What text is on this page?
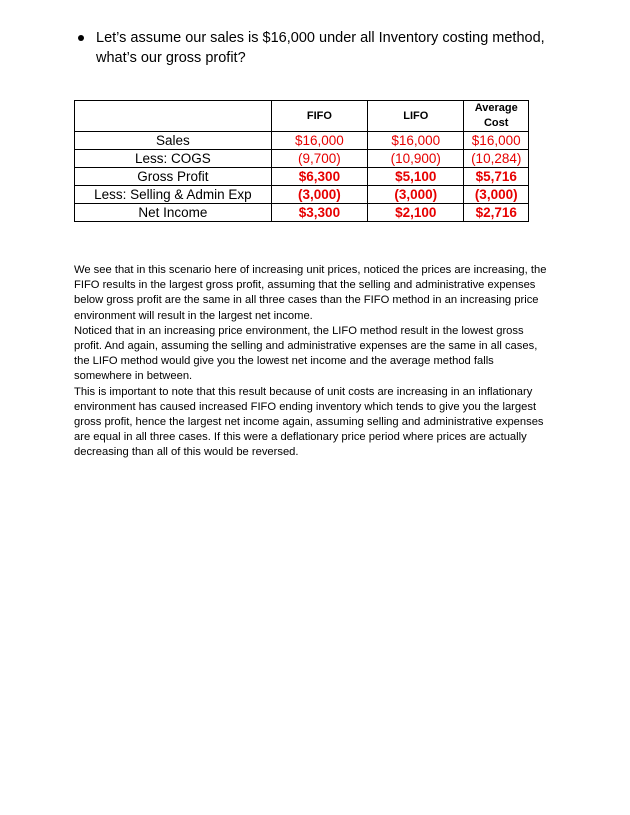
Let’s assume our sales is $16,000 under all Inventory costing method, what’s our gross profit?
	FIFO	LIFO	Average Cost
Sales	$16,000	$16,000	$16,000
Less: COGS	(9,700)	(10,900)	(10,284)
Gross Profit	$6,300	$5,100	$5,716
Less: Selling & Admin Exp	(3,000)	(3,000)	(3,000)
Net Income	$3,300	$2,100	$2,716

We see that in this scenario here of increasing unit prices, noticed the prices are increasing, the FIFO results in the largest gross profit, assuming that the selling and administrative expenses below gross profit are the same in all three cases than the FIFO method in an increasing price environment will result in the largest net income.

Noticed that in an increasing price environment, the LIFO method result in the lowest gross profit. And again, assuming the selling and administrative expenses are the same in all cases, the LIFO method would give you the lowest net income and the average method falls somewhere in between.

This is important to note that this result because of unit costs are increasing in an inflationary environment has caused increased FIFO ending inventory which tends to give you the largest gross profit, hence the largest net income again, assuming selling and administrative expenses are equal in all three cases. If this were a deflationary price period where prices are actually decreasing than all of this would be reversed.
